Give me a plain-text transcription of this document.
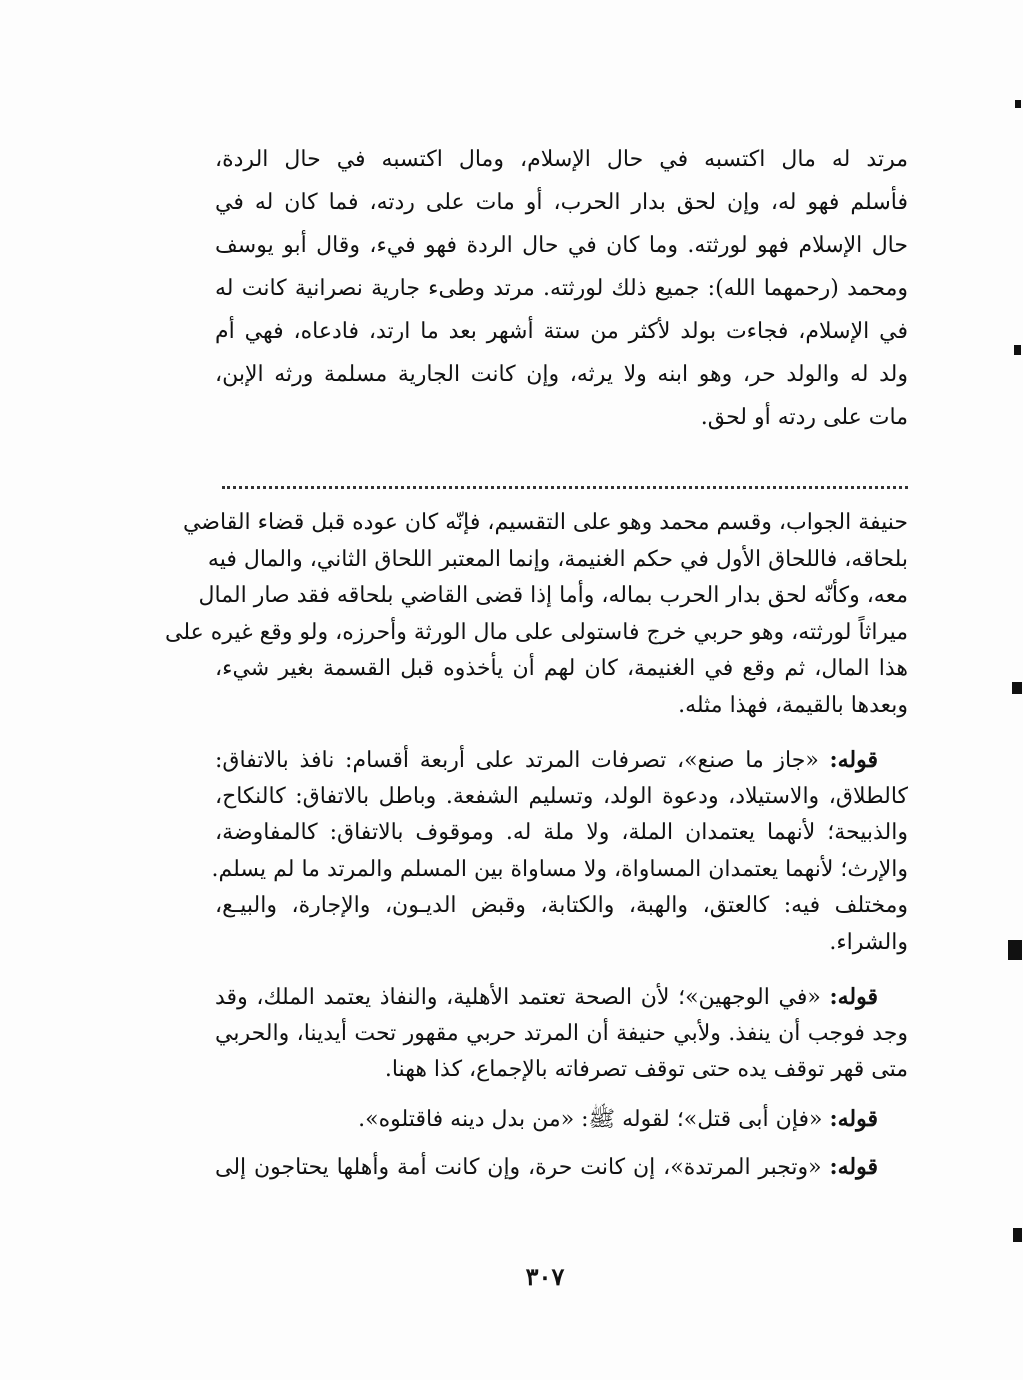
مرتد له مال اكتسبه في حال الإسلام، ومال اكتسبه في حال الردة،
فأسلم فهو له، وإن لحق بدار الحرب، أو مات على ردته، فما كان له في
حال الإسلام فهو لورثته. وما كان في حال الردة فهو فيء، وقال أبو يوسف
ومحمد (رحمهما الله): جميع ذلك لورثته. مرتد وطىء جارية نصرانية كانت له
في الإسلام، فجاءت بولد لأكثر من ستة أشهر بعد ما ارتد، فادعاه، فهي أم
ولد له والولد حر، وهو ابنه ولا يرثه، وإن كانت الجارية مسلمة ورثه الإبن،
مات على ردته أو لحق.
حنيفة الجواب، وقسم محمد وهو على التقسيم، فإنّه كان عوده قبل قضاء القاضي
بلحاقه، فاللحاق الأول في حكم الغنيمة، وإنما المعتبر اللحاق الثاني، والمال فيه
معه، وكأنّه لحق بدار الحرب بماله، وأما إذا قضى القاضي بلحاقه فقد صار المال
ميراثاً لورثته، وهو حربي خرج فاستولى على مال الورثة وأحرزه، ولو وقع غيره على
هذا المال، ثم وقع في الغنيمة، كان لهم أن يأخذوه قبل القسمة بغير شيء،
وبعدها بالقيمة، فهذا مثله.
قوله: «جاز ما صنع»، تصرفات المرتد على أربعة أقسام: نافذ بالاتفاق:
كالطلاق، والاستيلاد، ودعوة الولد، وتسليم الشفعة. وباطل بالاتفاق: كالنكاح،
والذبيحة؛ لأنهما يعتمدان الملة، ولا ملة له. وموقوف بالاتفاق: كالمفاوضة،
والإرث؛ لأنهما يعتمدان المساواة، ولا مساواة بين المسلم والمرتد ما لم يسلم.
ومختلف فيه: كالعتق، والهبة، والكتابة، وقبض الديـون، والإجارة، والبيـع،
والشراء.
قوله: «في الوجهين»؛ لأن الصحة تعتمد الأهلية، والنفاذ يعتمد الملك، وقد
وجد فوجب أن ينفذ. ولأبي حنيفة أن المرتد حربي مقهور تحت أيدينا، والحربي
متى قهر توقف يده حتى توقف تصرفاته بالإجماع، كذا ههنا.
قوله: «فإن أبى قتل»؛ لقوله ﷺ: «من بدل دينه فاقتلوه».
قوله: «وتجبر المرتدة»، إن كانت حرة، وإن كانت أمة وأهلها يحتاجون إلى
٣٠٧
